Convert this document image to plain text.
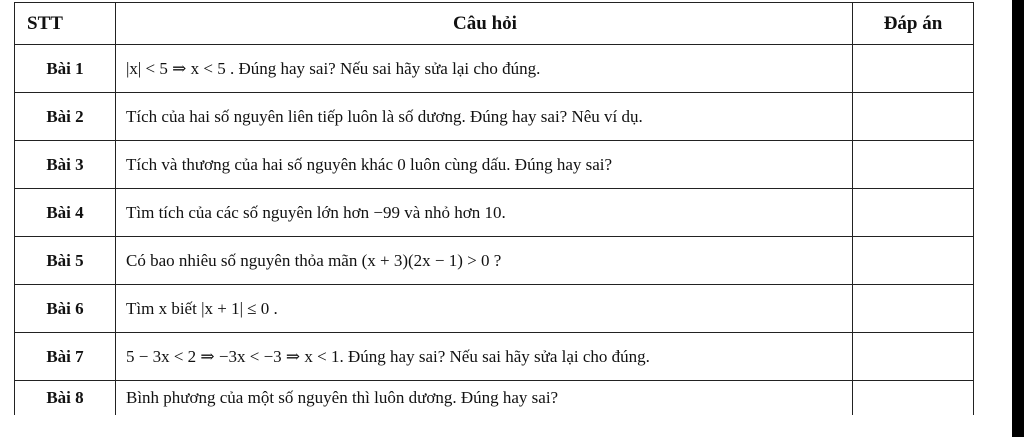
STT	Câu hỏi	Đáp án
Bài 1	|x| < 5 ⇒ x < 5 . Đúng hay sai? Nếu sai hãy sửa lại cho đúng.	
Bài 2	Tích của hai số nguyên liên tiếp luôn là số dương. Đúng hay sai? Nêu ví dụ.	
Bài 3	Tích và thương của hai số nguyên khác 0 luôn cùng dấu. Đúng hay sai?	
Bài 4	Tìm tích của các số nguyên lớn hơn −99 và nhỏ hơn 10.	
Bài 5	Có bao nhiêu số nguyên thỏa mãn (x + 3)(2x − 1) > 0 ?	
Bài 6	Tìm x biết |x + 1| ≤ 0 .	
Bài 7	5 − 3x < 2 ⇒ −3x < −3 ⇒ x < 1. Đúng hay sai? Nếu sai hãy sửa lại cho đúng.	
Bài 8	Bình phương của một số nguyên thì luôn dương. Đúng hay sai?	
